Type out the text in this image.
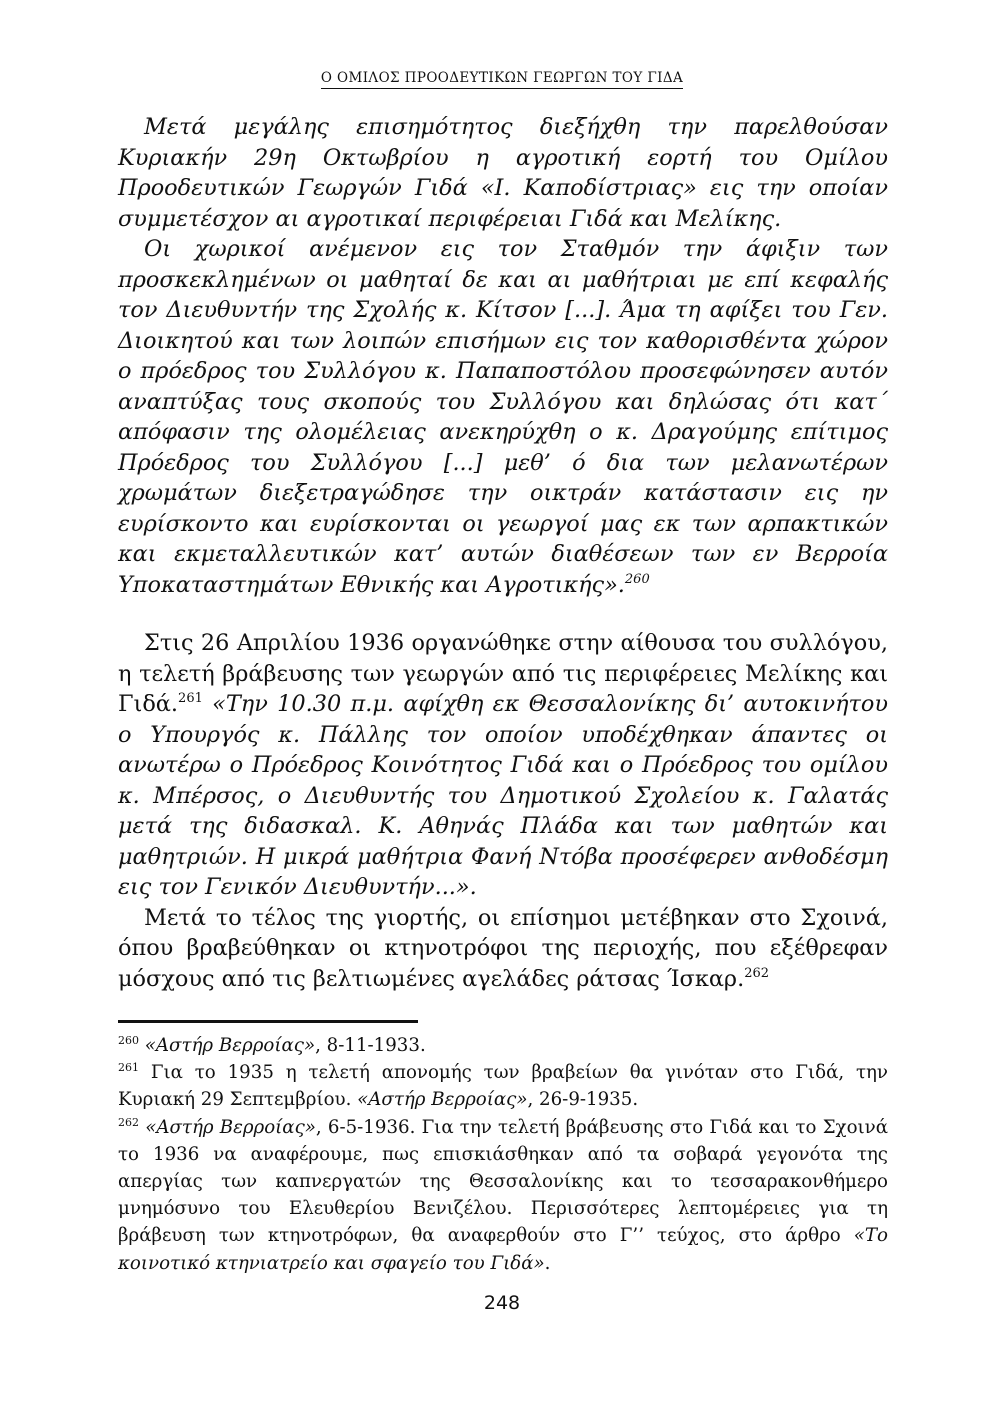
Ο ΟΜΙΛΟΣ ΠΡΟΟΔΕΥΤΙΚΩΝ ΓΕΩΡΓΩΝ ΤΟΥ ΓΙΔΑ

Μετά μεγάλης επισημότητος διεξήχθη την παρελθούσαν Κυριακήν 29η Οκτωβρίου η αγροτική εορτή του Ομίλου Προοδευτικών Γεωργών Γιδά «Ι. Καποδίστριας» εις την οποίαν συμμετέσχον αι αγροτικαί περιφέρειαι Γιδά και Μελίκης.

Οι χωρικοί ανέμενον εις τον Σταθμόν την άφιξιν των προσκεκλημένων οι μαθηταί δε και αι μαθήτριαι με επί κεφαλής τον Διευθυντήν της Σχολής κ. Κίτσον [...]. Άμα τη αφίξει του Γεν. Διοικητού και των λοιπών επισήμων εις τον καθορισθέντα χώρον ο πρόεδρος του Συλλόγου κ. Παπαποστόλου προσεφώνησεν αυτόν αναπτύξας τους σκοπούς του Συλλόγου και δηλώσας ότι κατ΄ απόφασιν της ολομέλειας ανεκηρύχθη ο κ. Δραγούμης επίτιμος Πρόεδρος του Συλλόγου [...] μεθ’ ό δια των μελανωτέρων χρωμάτων διεξετραγώδησε την οικτράν κατάστασιν εις ην ευρίσκοντο και ευρίσκονται οι γεωργοί μας εκ των αρπακτικών και εκμεταλλευτικών κατ’ αυτών διαθέσεων των εν Βερροία Υποκαταστημάτων Εθνικής και Αγροτικής».$^{260}$

Στις 26 Απριλίου 1936 οργανώθηκε στην αίθουσα του συλλόγου, η τελετή βράβευσης των γεωργών από τις περιφέρειες Μελίκης και Γιδά.$^{261}$ «Την 10.30 π.μ. αφίχθη εκ Θεσσαλονίκης δι’ αυτοκινήτου ο Υπουργός κ. Πάλλης τον οποίον υποδέχθηκαν άπαντες οι ανωτέρω ο Πρόεδρος Κοινότητος Γιδά και ο Πρόεδρος του ομίλου κ. Μπέρσος, ο Διευθυντής του Δημοτικού Σχολείου κ. Γαλατάς μετά της διδασκαλ. Κ. Αθηνάς Πλάδα και των μαθητών και μαθητριών. Η μικρά μαθήτρια Φανή Ντόβα προσέφερεν ανθοδέσμη εις τον Γενικόν Διευθυντήν...».

Μετά το τέλος της γιορτής, οι επίσημοι μετέβηκαν στο Σχοινά, όπου βραβεύθηκαν οι κτηνοτρόφοι της περιοχής, που εξέθρεφαν μόσχους από τις βελτιωμένες αγελάδες ράτσας Ίσκαρ.$^{262}$

$^{260}$ «Αστήρ Βερροίας», 8-11-1933.

$^{261}$ Για το 1935 η τελετή απονομής των βραβείων θα γινόταν στο Γιδά, την Κυριακή 29 Σεπτεμβρίου. «Αστήρ Βερροίας», 26-9-1935.

$^{262}$ «Αστήρ Βερροίας», 6-5-1936. Για την τελετή βράβευσης στο Γιδά και το Σχοινά το 1936 να αναφέρουμε, πως επισκιάσθηκαν από τα σοβαρά γεγονότα της απεργίας των καπνεργατών της Θεσσαλονίκης και το τεσσαρακονθήμερο μνημόσυνο του Ελευθερίου Βενιζέλου. Περισσότερες λεπτομέρειες για τη βράβευση των κτηνοτρόφων, θα αναφερθούν στο Γ’’ τεύχος, στο άρθρο «Το κοινοτικό κτηνιατρείο και σφαγείο του Γιδά».

248
